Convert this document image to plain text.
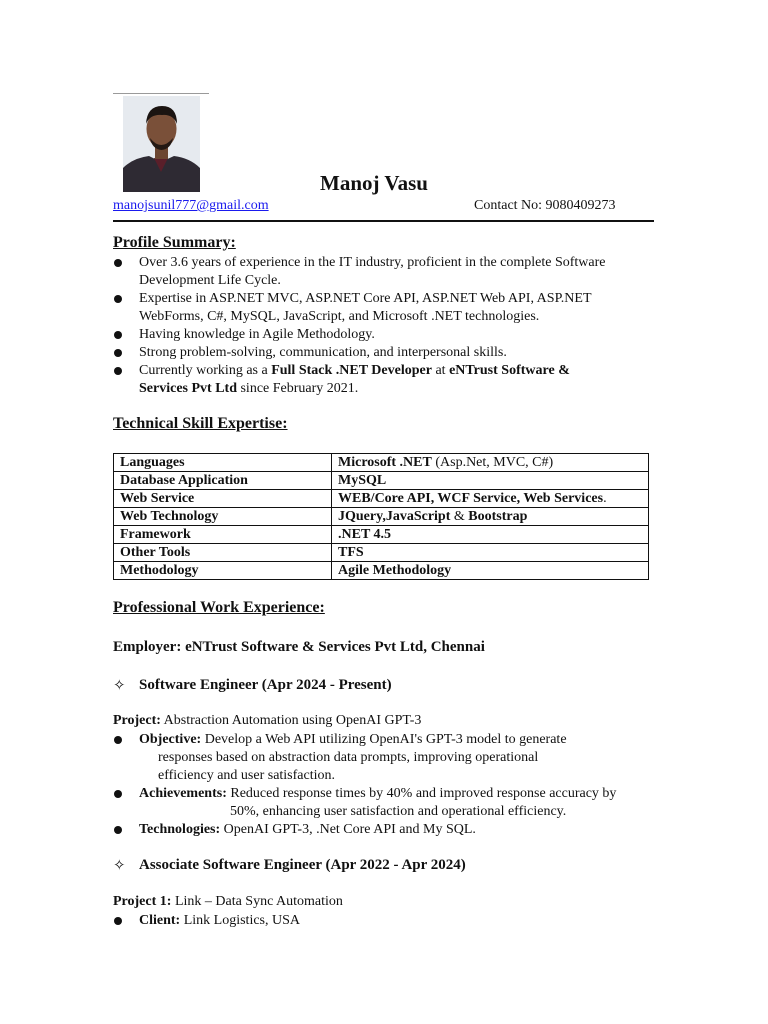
Manoj Vasu
manojsunil777@gmail.com	Contact No: 9080409273
Profile Summary:
Over 3.6 years of experience in the IT industry, proficient in the complete Software
Development Life Cycle.
Expertise in ASP.NET MVC, ASP.NET Core API, ASP.NET Web API, ASP.NET
WebForms, C#, MySQL, JavaScript, and Microsoft .NET technologies.
Having knowledge in Agile Methodology.
Strong problem-solving, communication, and interpersonal skills.
Currently working as a Full Stack .NET Developer at eNTrust Software &
Services Pvt Ltd since February 2021.
Technical Skill Expertise:
Languages	Microsoft .NET (Asp.Net, MVC, C#)
Database Application	MySQL
Web Service	WEB/Core API, WCF Service, Web Services.
Web Technology	JQuery,JavaScript & Bootstrap
Framework	.NET 4.5
Other Tools	TFS
Methodology	Agile Methodology
Professional Work Experience:
Employer: eNTrust Software & Services Pvt Ltd, Chennai
✧ Software Engineer (Apr 2024 - Present)
Project: Abstraction Automation using OpenAI GPT-3
Objective: Develop a Web API utilizing OpenAI's GPT-3 model to generate
responses based on abstraction data prompts, improving operational
efficiency and user satisfaction.
Achievements: Reduced response times by 40% and improved response accuracy by
50%, enhancing user satisfaction and operational efficiency.
Technologies: OpenAI GPT-3, .Net Core API and My SQL.
✧ Associate Software Engineer (Apr 2022 - Apr 2024)
Project 1: Link – Data Sync Automation
Client: Link Logistics, USA
